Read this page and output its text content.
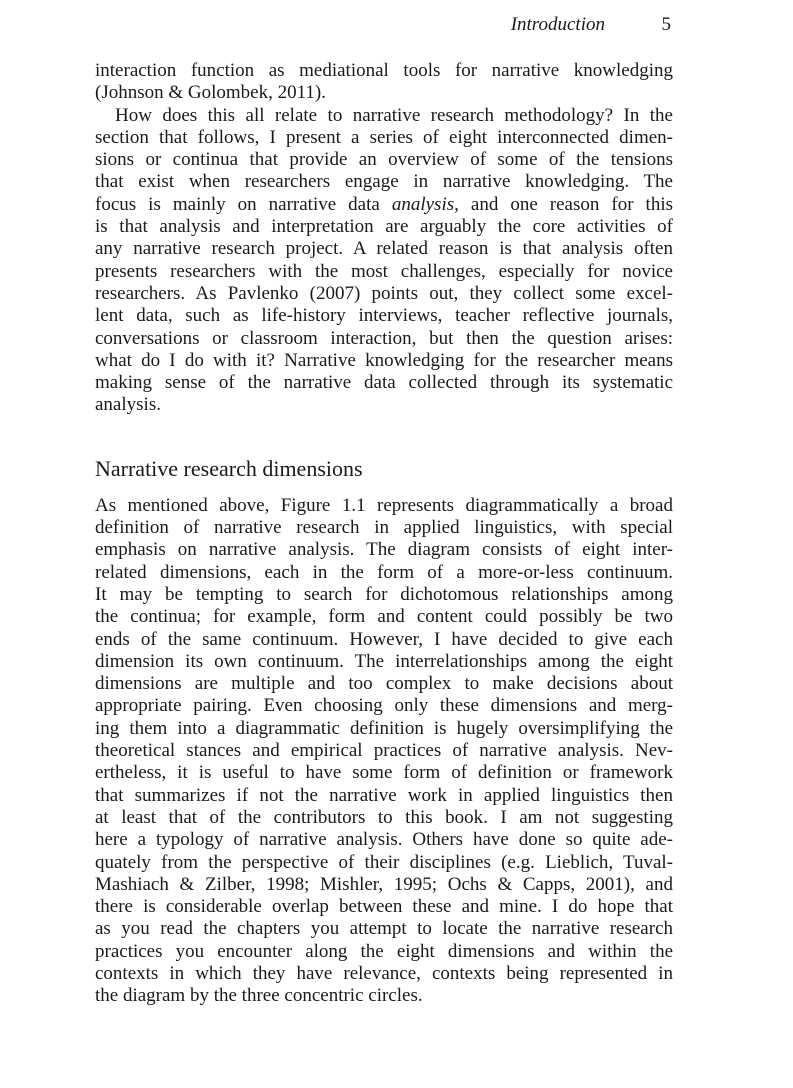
Introduction	5
interaction function as mediational tools for narrative knowledging
(Johnson & Golombek, 2011).
How does this all relate to narrative research methodology? In the
section that follows, I present a series of eight interconnected dimen-
sions or continua that provide an overview of some of the tensions
that exist when researchers engage in narrative knowledging. The
focus is mainly on narrative data analysis, and one reason for this
is that analysis and interpretation are arguably the core activities of
any narrative research project. A related reason is that analysis often
presents researchers with the most challenges, especially for novice
researchers. As Pavlenko (2007) points out, they collect some excel-
lent data, such as life-history interviews, teacher reflective journals,
conversations or classroom interaction, but then the question arises:
what do I do with it? Narrative knowledging for the researcher means
making sense of the narrative data collected through its systematic
analysis.
Narrative research dimensions
As mentioned above, Figure 1.1 represents diagrammatically a broad
definition of narrative research in applied linguistics, with special
emphasis on narrative analysis. The diagram consists of eight inter-
related dimensions, each in the form of a more-or-less continuum.
It may be tempting to search for dichotomous relationships among
the continua; for example, form and content could possibly be two
ends of the same continuum. However, I have decided to give each
dimension its own continuum. The interrelationships among the eight
dimensions are multiple and too complex to make decisions about
appropriate pairing. Even choosing only these dimensions and merg-
ing them into a diagrammatic definition is hugely oversimplifying the
theoretical stances and empirical practices of narrative analysis. Nev-
ertheless, it is useful to have some form of definition or framework
that summarizes if not the narrative work in applied linguistics then
at least that of the contributors to this book. I am not suggesting
here a typology of narrative analysis. Others have done so quite ade-
quately from the perspective of their disciplines (e.g. Lieblich, Tuval-
Mashiach & Zilber, 1998; Mishler, 1995; Ochs & Capps, 2001), and
there is considerable overlap between these and mine. I do hope that
as you read the chapters you attempt to locate the narrative research
practices you encounter along the eight dimensions and within the
contexts in which they have relevance, contexts being represented in
the diagram by the three concentric circles.
